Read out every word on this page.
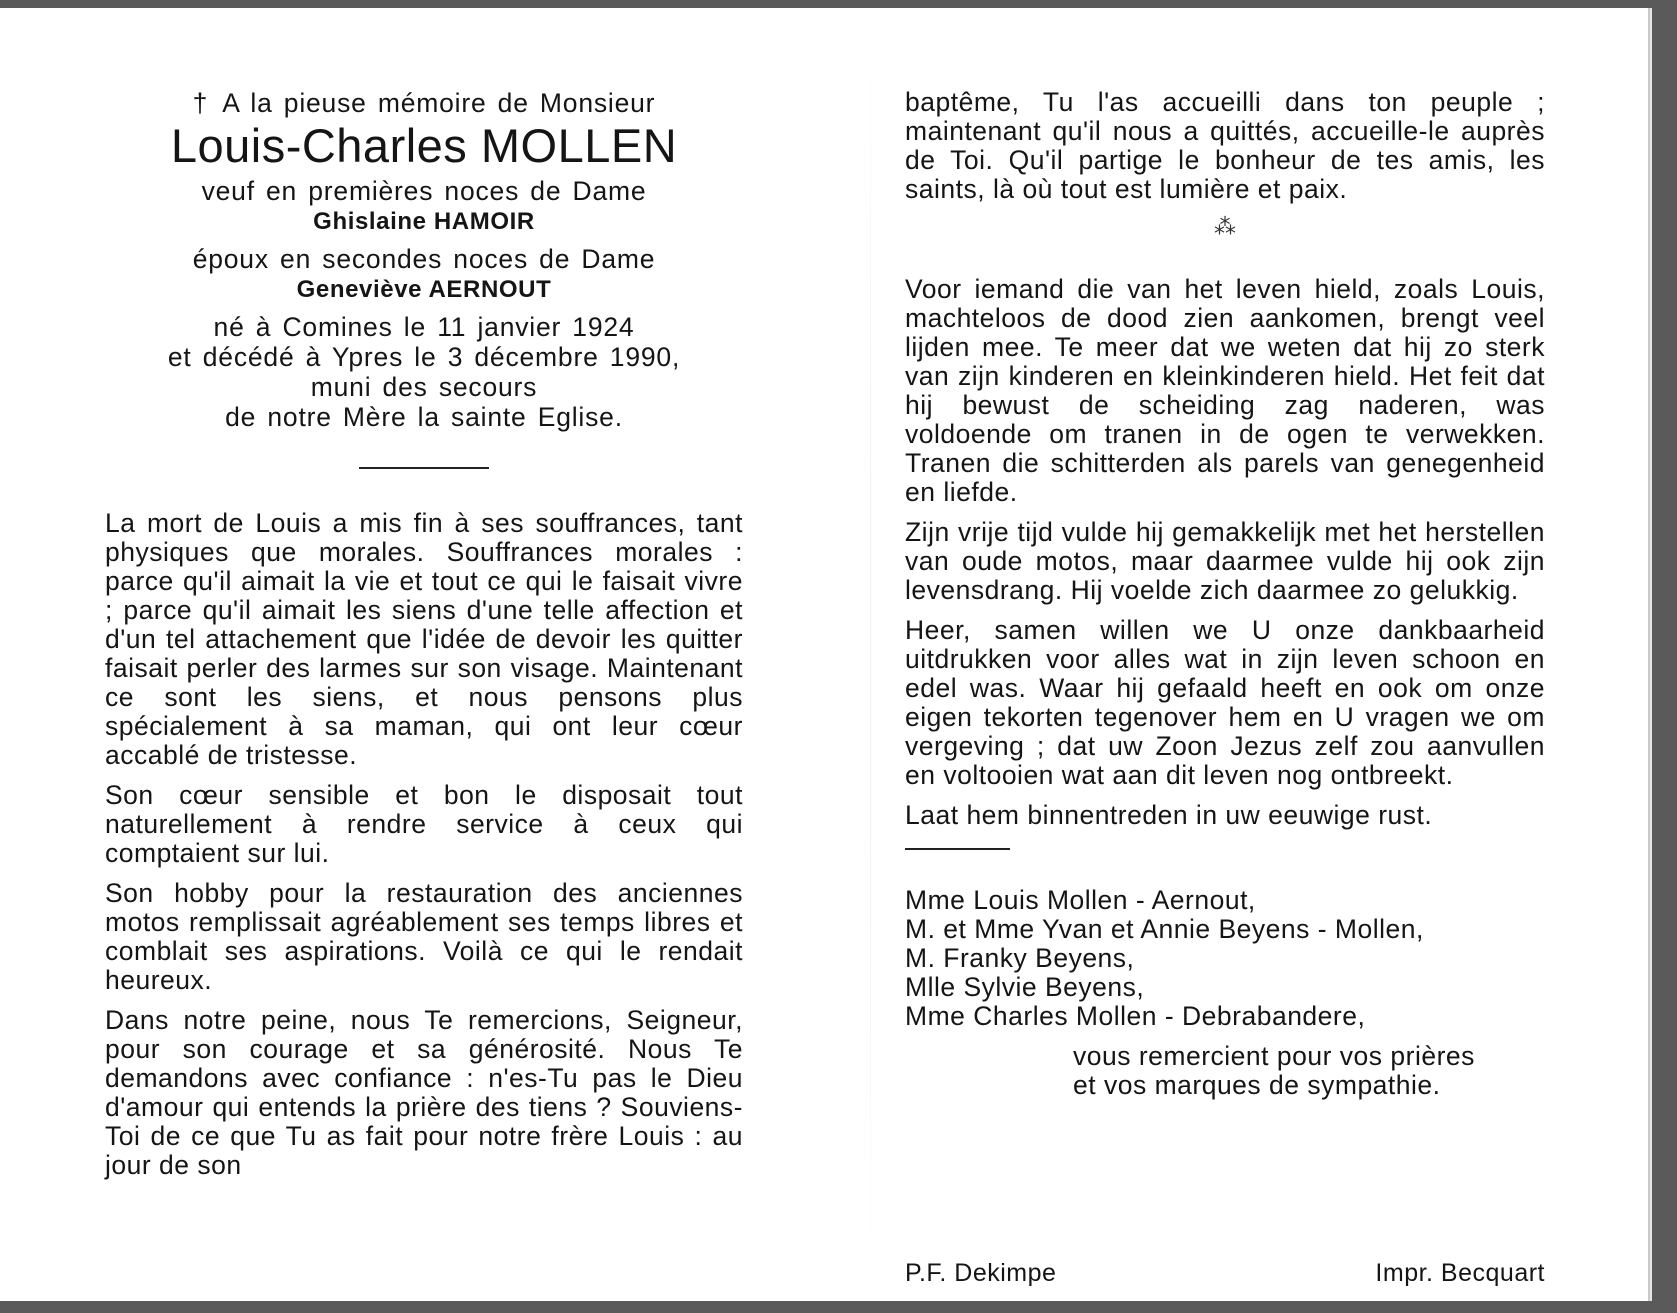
† A la pieuse mémoire de Monsieur
Louis-Charles MOLLEN
veuf en premières noces de Dame
Ghislaine HAMOIR
époux en secondes noces de Dame
Geneviève AERNOUT
né à Comines le 11 janvier 1924
et décédé à Ypres le 3 décembre 1990,
muni des secours
de notre Mère la sainte Eglise.

La mort de Louis a mis fin à ses souffrances, tant physiques que morales. Souffrances morales : parce qu'il aimait la vie et tout ce qui le faisait vivre ; parce qu'il aimait les siens d'une telle affection et d'un tel attachement que l'idée de devoir les quitter faisait perler des larmes sur son visage. Maintenant ce sont les siens, et nous pensons plus spécialement à sa maman, qui ont leur cœur accablé de tristesse.

Son cœur sensible et bon le disposait tout naturellement à rendre service à ceux qui comptaient sur lui.

Son hobby pour la restauration des anciennes motos remplissait agréablement ses temps libres et comblait ses aspirations. Voilà ce qui le rendait heureux.

Dans notre peine, nous Te remercions, Seigneur, pour son courage et sa générosité. Nous Te demandons avec confiance : n'es-Tu pas le Dieu d'amour qui entends la prière des tiens ? Souviens-Toi de ce que Tu as fait pour notre frère Louis : au jour de son

baptême, Tu l'as accueilli dans ton peuple ; maintenant qu'il nous a quittés, accueille-le auprès de Toi. Qu'il partige le bonheur de tes amis, les saints, là où tout est lumière et paix.

⁂

Voor iemand die van het leven hield, zoals Louis, machteloos de dood zien aankomen, brengt veel lijden mee. Te meer dat we weten dat hij zo sterk van zijn kinderen en kleinkinderen hield. Het feit dat hij bewust de scheiding zag naderen, was voldoende om tranen in de ogen te verwekken. Tranen die schitterden als parels van genegenheid en liefde.

Zijn vrije tijd vulde hij gemakkelijk met het herstellen van oude motos, maar daarmee vulde hij ook zijn levensdrang. Hij voelde zich daarmee zo gelukkig.

Heer, samen willen we U onze dankbaarheid uitdrukken voor alles wat in zijn leven schoon en edel was. Waar hij gefaald heeft en ook om onze eigen tekorten tegenover hem en U vragen we om vergeving ; dat uw Zoon Jezus zelf zou aanvullen en voltooien wat aan dit leven nog ontbreekt.

Laat hem binnentreden in uw eeuwige rust.

Mme Louis Mollen - Aernout,
M. et Mme Yvan et Annie Beyens - Mollen,
M. Franky Beyens,
Mlle Sylvie Beyens,
Mme Charles Mollen - Debrabandere,
vous remercient pour vos prières
et vos marques de sympathie.
P.F. Dekimpe	Impr. Becquart
